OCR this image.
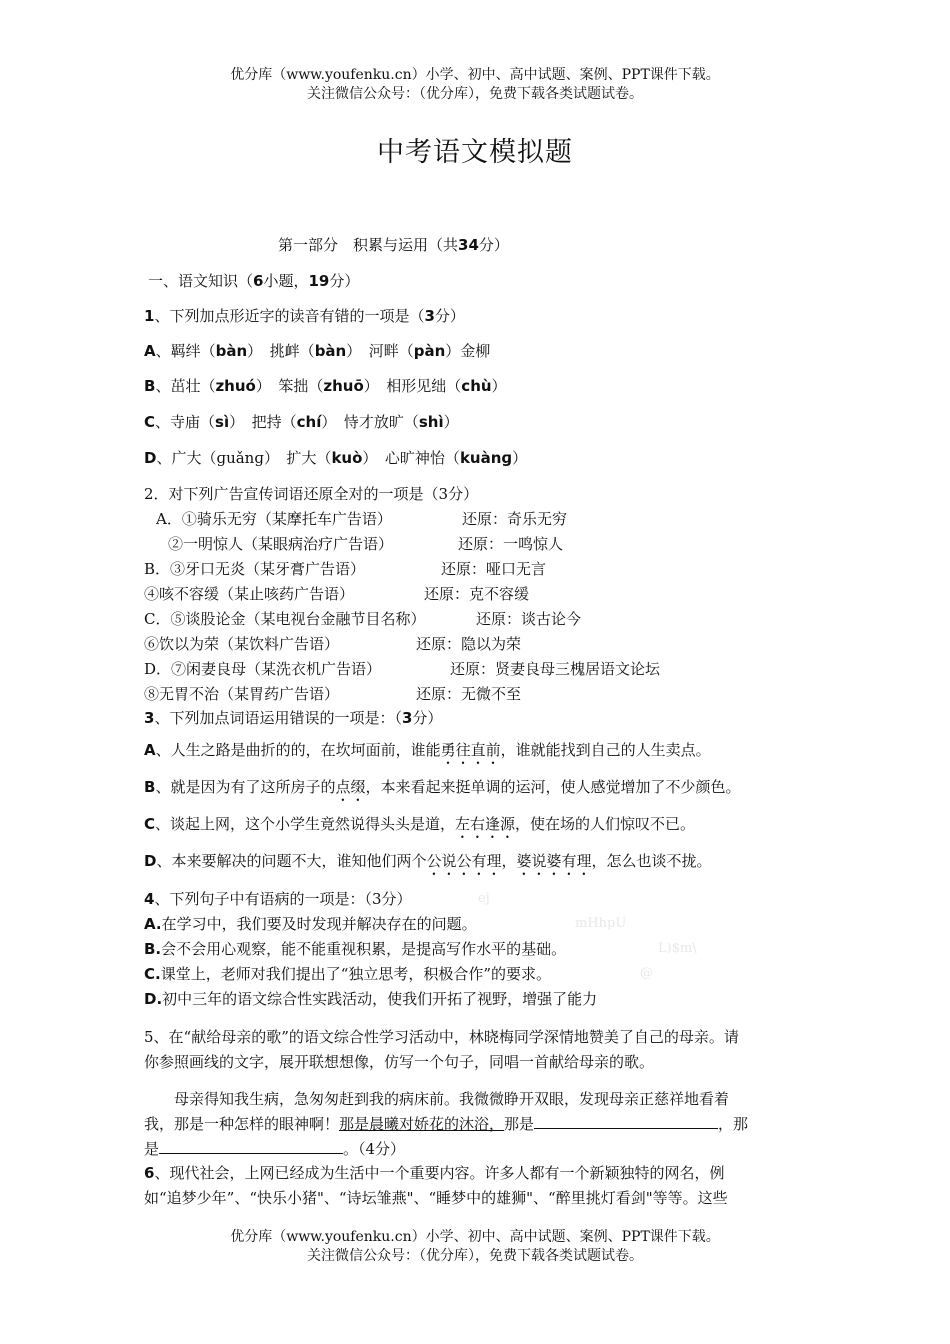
优分库（www.youfenku.cn）小学、初中、高中试题、案例、PPT课件下载。
关注微信公众号：（优分库），免费下载各类试题试卷。
中考语文模拟题
第一部分　积累与运用（共34分）
一、语文知识（6小题，19分）
1、下列加点形近字的读音有错的一项是（3分）
A、羁绊（bàn）　挑衅（bàn）　河畔（pàn）金柳
B、茁壮（zhuó）　笨拙（zhuō）　相形见绌（chù）
C、寺庙（sì）　把持（chí）　恃才放旷（shì）
D、广大（ɡuǎnɡ）　扩大（kuò）　心旷神怡（kuànɡ）
2．对下列广告宣传词语还原全对的一项是（3分）
A．①骑乐无穷（某摩托车广告语）	还原：奇乐无穷
②一明惊人（某眼病治疗广告语）	还原：一鸣惊人
B．③牙口无炎（某牙膏广告语）	还原：哑口无言
④咳不容缓（某止咳药广告语）	还原：克不容缓
C．⑤谈股论金（某电视台金融节目名称）	还原：谈古论今
⑥饮以为荣（某饮料广告语）	还原：隐以为荣
D．⑦闲妻良母（某洗衣机广告语）	还原：贤妻良母三槐居语文论坛
⑧无胃不治（某胃药广告语）	还原：无微不至
3、下列加点词语运用错误的一项是：（3分）
A、人生之路是曲折的的，在坎坷面前，谁能勇往直前，谁就能找到自己的人生卖点。
B、就是因为有了这所房子的点缀，本来看起来挺单调的运河，使人感觉增加了不少颜色。
C、谈起上网，这个小学生竟然说得头头是道，左右逢源，使在场的人们惊叹不已。
D、本来要解决的问题不大，谁知他们两个公说公有理，婆说婆有理，怎么也谈不拢。
4、下列句子中有语病的一项是：（3分）	ej
A.在学习中，我们要及时发现并解决存在的问题。	mHhpU
B.会不会用心观察，能不能重视积累，是提高写作水平的基础。	L)$m\
C.课堂上，老师对我们提出了“独立思考，积极合作”的要求。	@
D.初中三年的语文综合性实践活动，使我们开拓了视野，增强了能力
5、在“献给母亲的歌”的语文综合性学习活动中，林晓梅同学深情地赞美了自己的母亲。请
你参照画线的文字，展开联想想像，仿写一个句子，同唱一首献给母亲的歌。
母亲得知我生病，急匆匆赶到我的病床前。我微微睁开双眼，发现母亲正慈祥地看着
我，那是一种怎样的眼神啊！那是晨曦对娇花的沐浴，那是	，那
是	。（4分）
6、现代社会，上网已经成为生活中一个重要内容。许多人都有一个新颖独特的网名，例
如“追梦少年”、“快乐小猪"、“诗坛雏燕"、“睡梦中的雄狮"、“醉里挑灯看剑"等等。这些
优分库（www.youfenku.cn）小学、初中、高中试题、案例、PPT课件下载。
关注微信公众号：（优分库），免费下载各类试题试卷。
